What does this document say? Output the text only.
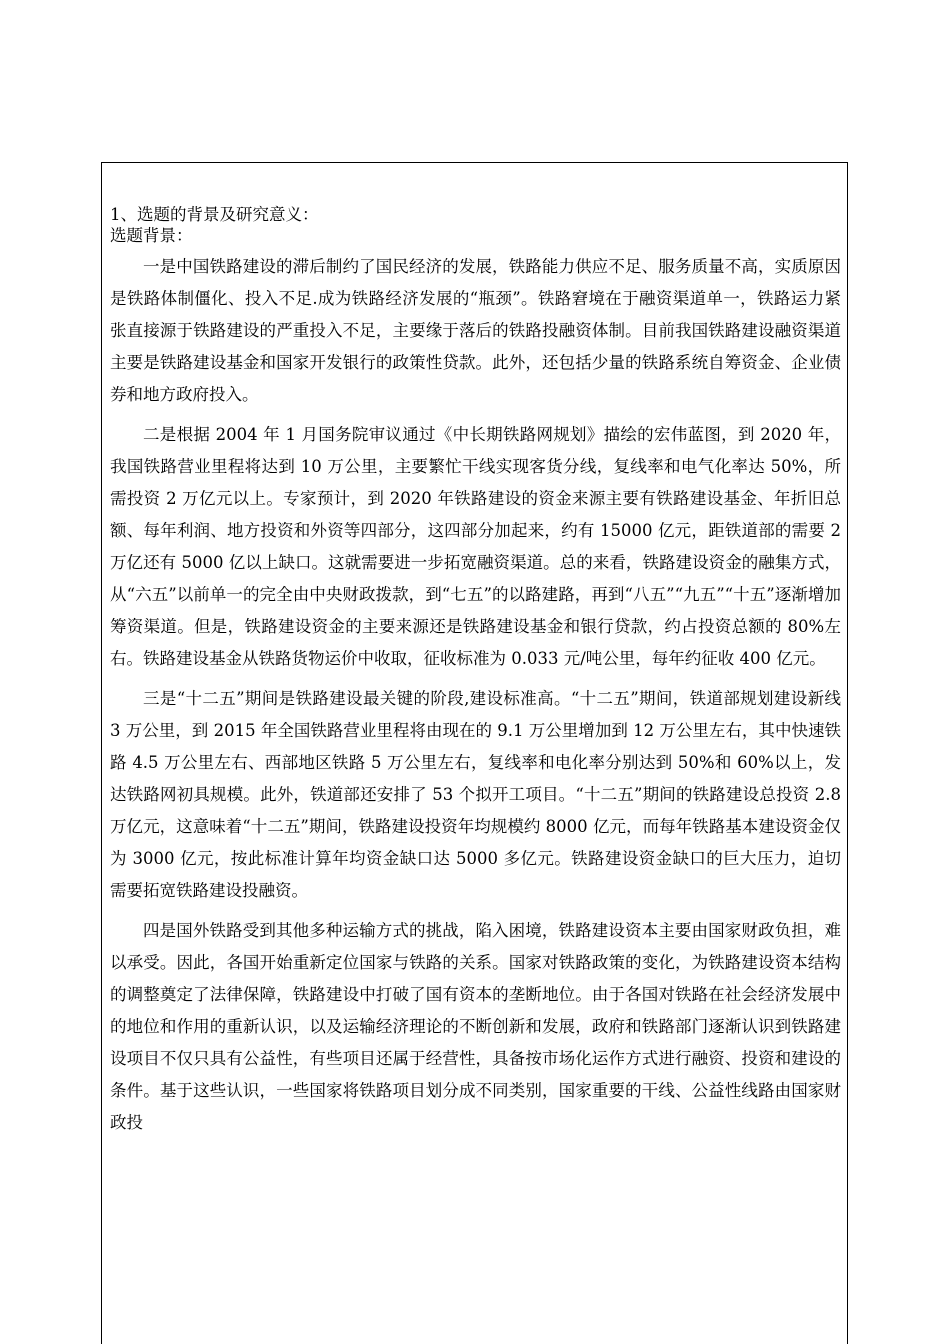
1、选题的背景及研究意义：
选题背景：

一是中国铁路建设的滞后制约了国民经济的发展，铁路能力供应不足、服务质量不高，实质原因是铁路体制僵化、投入不足.成为铁路经济发展的“瓶颈”。铁路窘境在于融资渠道单一，铁路运力紧张直接源于铁路建设的严重投入不足，主要缘于落后的铁路投融资体制。目前我国铁路建设融资渠道主要是铁路建设基金和国家开发银行的政策性贷款。此外，还包括少量的铁路系统自筹资金、企业债券和地方政府投入。

二是根据 2004 年 1 月国务院审议通过《中长期铁路网规划》描绘的宏伟蓝图，到 2020 年，我国铁路营业里程将达到 10 万公里，主要繁忙干线实现客货分线，复线率和电气化率达 50%，所需投资 2 万亿元以上。专家预计，到 2020 年铁路建设的资金来源主要有铁路建设基金、年折旧总额、每年利润、地方投资和外资等四部分，这四部分加起来，约有 15000 亿元，距铁道部的需要 2 万亿还有 5000 亿以上缺口。这就需要进一步拓宽融资渠道。总的来看，铁路建设资金的融集方式，从“六五”以前单一的完全由中央财政拨款，到“七五”的以路建路，再到“八五”“九五”“十五”逐渐增加筹资渠道。但是，铁路建设资金的主要来源还是铁路建设基金和银行贷款，约占投资总额的 80%左右。铁路建设基金从铁路货物运价中收取，征收标准为 0.033 元/吨公里，每年约征收 400 亿元。

三是“十二五”期间是铁路建设最关键的阶段,建设标准高。“十二五”期间，铁道部规划建设新线 3 万公里，到 2015 年全国铁路营业里程将由现在的 9.1 万公里增加到 12 万公里左右，其中快速铁路 4.5 万公里左右、西部地区铁路 5 万公里左右，复线率和电化率分别达到 50%和 60%以上，发达铁路网初具规模。此外，铁道部还安排了 53 个拟开工项目。“十二五”期间的铁路建设总投资 2.8 万亿元，这意味着“十二五”期间，铁路建设投资年均规模约 8000 亿元，而每年铁路基本建设资金仅为 3000 亿元，按此标准计算年均资金缺口达 5000 多亿元。铁路建设资金缺口的巨大压力，迫切需要拓宽铁路建设投融资。

四是国外铁路受到其他多种运输方式的挑战，陷入困境，铁路建设资本主要由国家财政负担，难以承受。因此，各国开始重新定位国家与铁路的关系。国家对铁路政策的变化，为铁路建设资本结构的调整奠定了法律保障，铁路建设中打破了国有资本的垄断地位。由于各国对铁路在社会经济发展中的地位和作用的重新认识，以及运输经济理论的不断创新和发展，政府和铁路部门逐渐认识到铁路建设项目不仅只具有公益性，有些项目还属于经营性，具备按市场化运作方式进行融资、投资和建设的条件。基于这些认识，一些国家将铁路项目划分成不同类别，国家重要的干线、公益性线路由国家财政投
